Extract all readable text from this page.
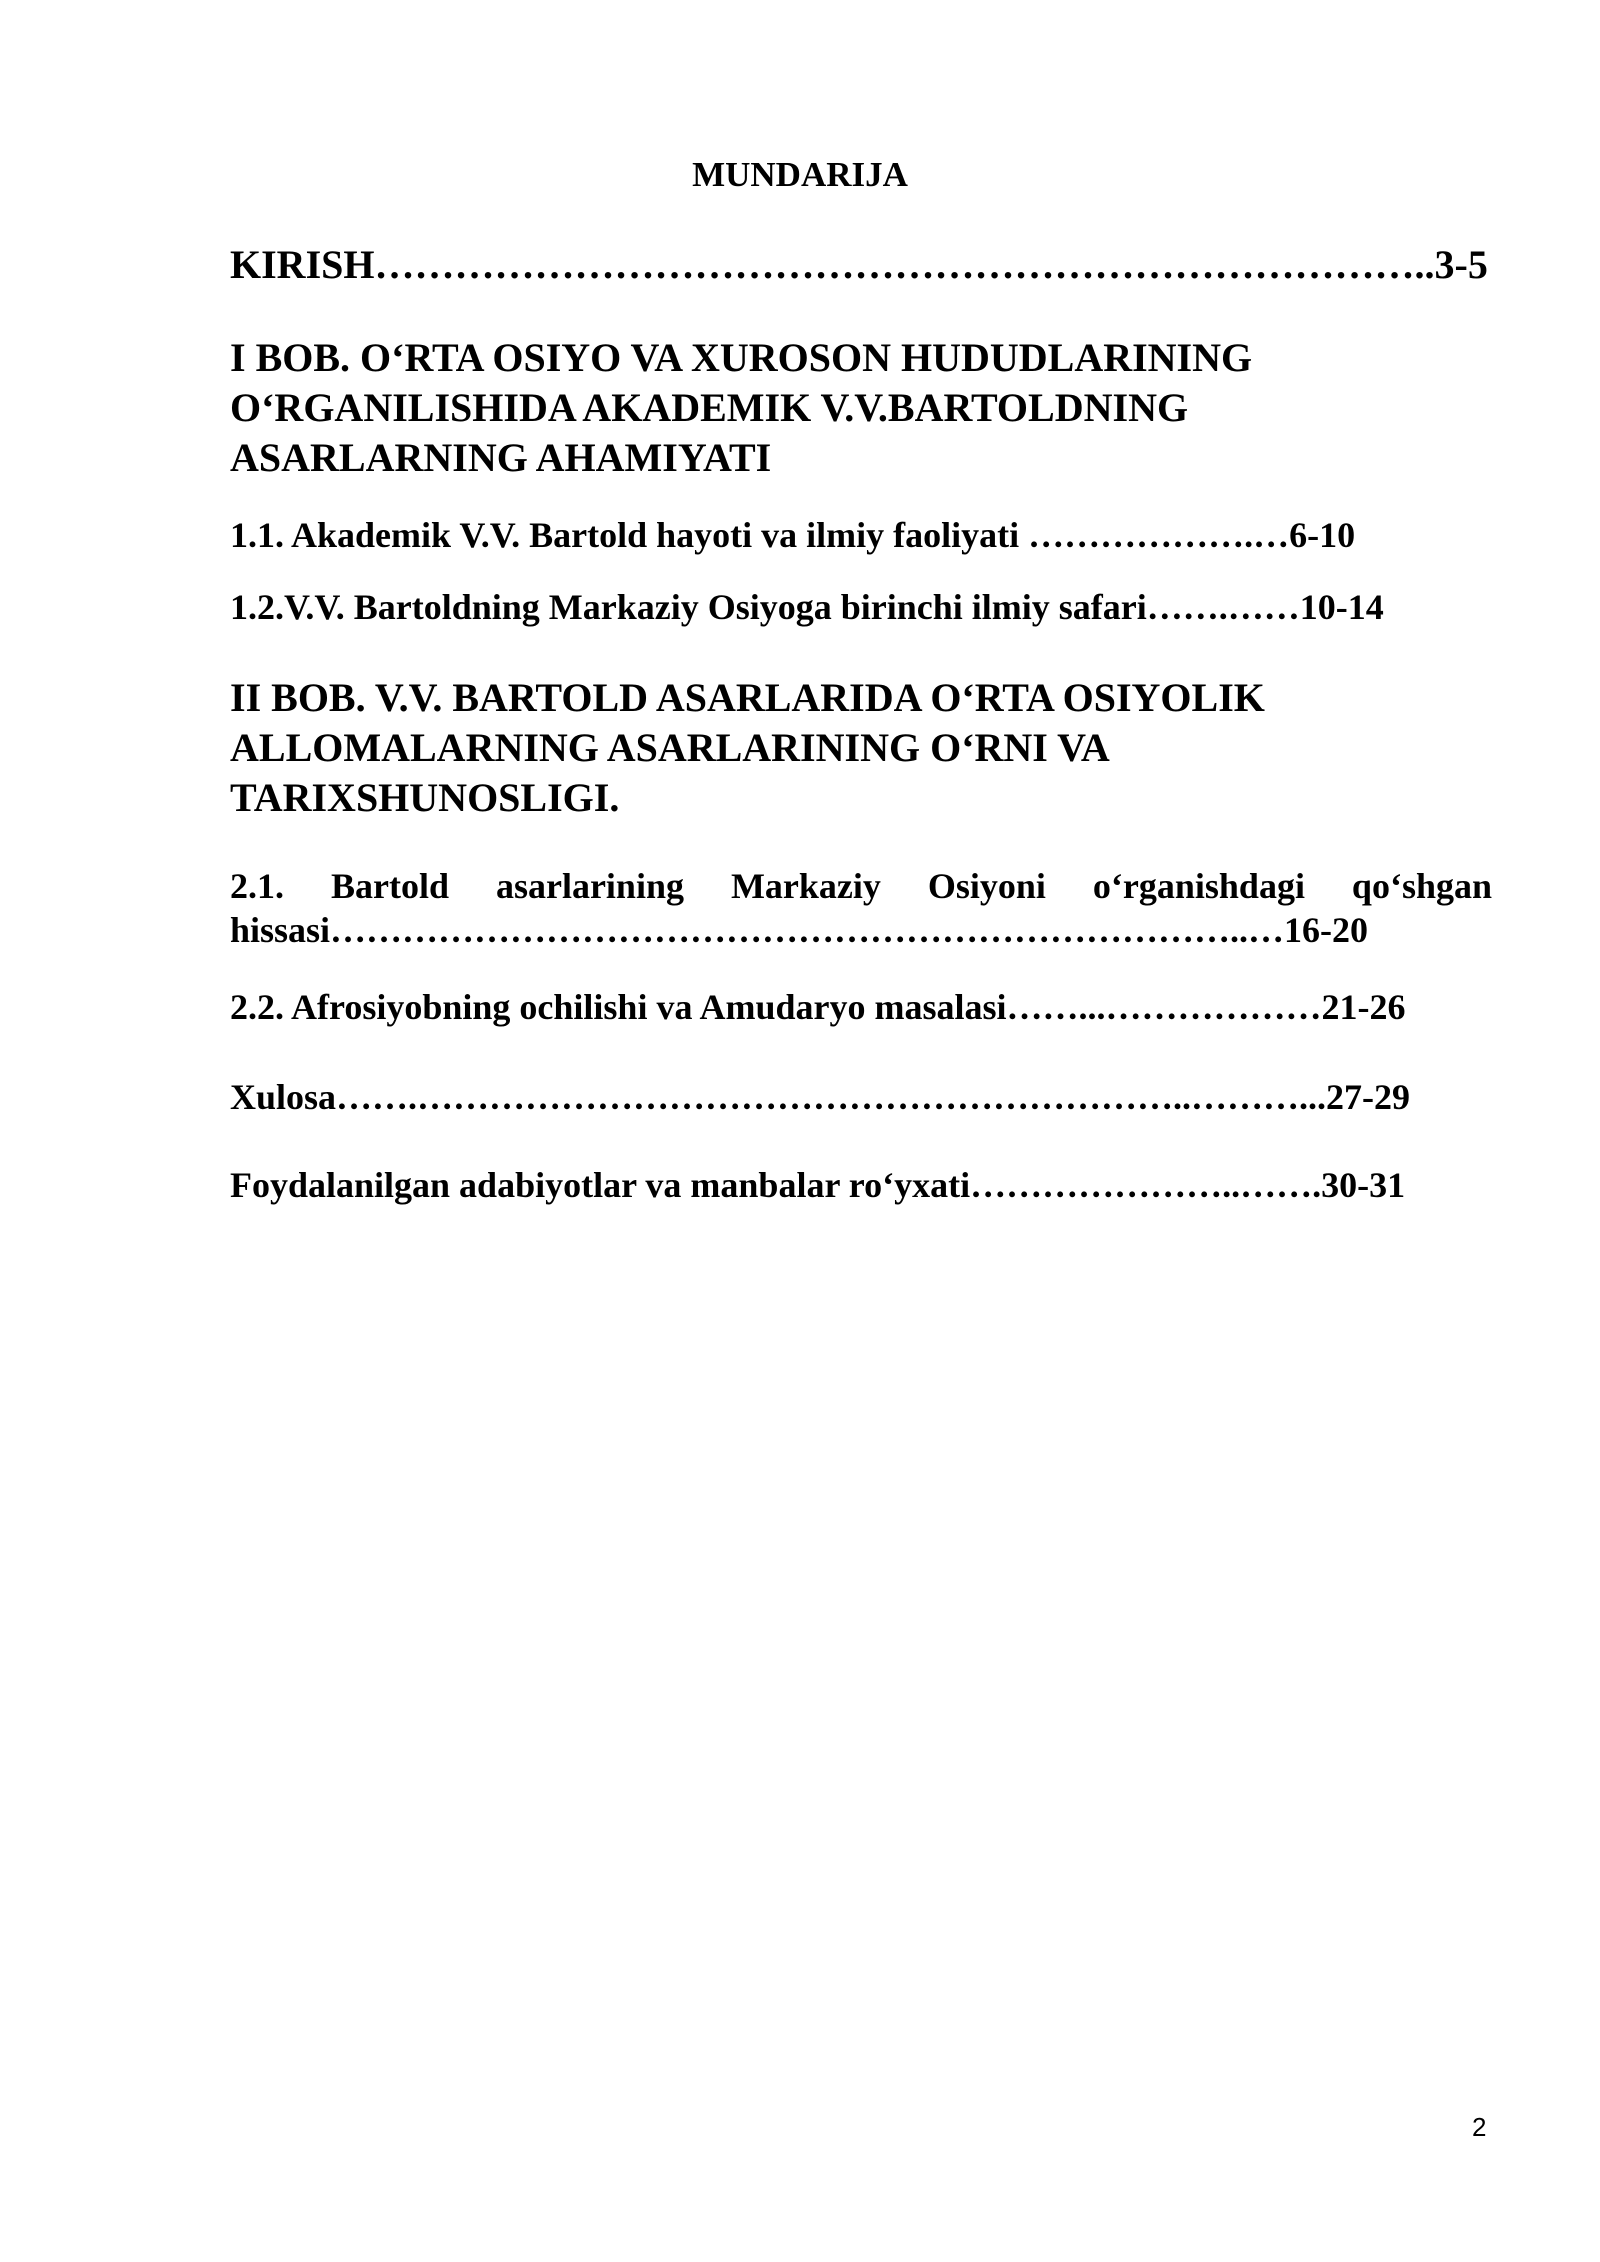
MUNDARIJA
KIRISH……………………………………………………………………..3-5
I BOB. O‘RTA OSIYO VA XUROSON HUDUDLARINING
O‘RGANILISHIDA AKADEMIK V.V.BARTOLDNING
ASARLARNING AHAMIYATI
1.1. Akademik V.V. Bartold hayoti va ilmiy faoliyati ……………….…6-10
1.2.V.V. Bartoldning Markaziy Osiyoga birinchi ilmiy safari…….……10-14
II BOB. V.V. BARTOLD ASARLARIDA O‘RTA OSIYOLIK
ALLOMALARNING ASARLARINING O‘RNI VA
TARIXSHUNOSLIGI.
2.1. Bartold asarlarining Markaziy Osiyoni o‘rganishdagi qo‘shgan
hissasi…………………………………………………………………..…16-20
2.2. Afrosiyobning ochilishi va Amudaryo masalasi……...………………21-26
Xulosa…….………………………………………………………..………...27-29
Foydalanilgan adabiyotlar va manbalar ro‘yxati…………………..…….30-31
2
